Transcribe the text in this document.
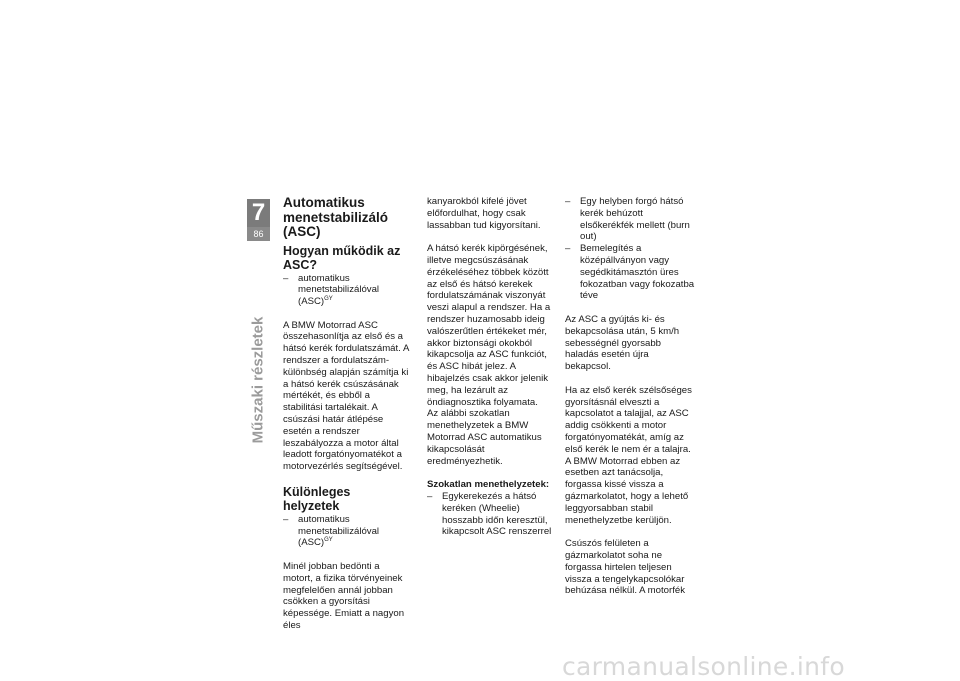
7
86
Műszaki részletek
Automatikus menetstabilizáló (ASC)
Hogyan működik az ASC?
– automatikus menetstabilizálóval (ASC)$^{GY}$

A BMW Motorrad ASC összehasonlítja az első és a hátsó kerék fordulatszámát. A rendszer a fordulatszám-különbség alapján számítja ki a hátsó kerék csúszásának mértékét, és ebből a stabilitási tartalékait. A csúszási határ átlépése esetén a rendszer leszabályozza a motor által leadott forgatónyomatékot a motorvezérlés segítségével.

Különleges helyzetek
– automatikus menetstabilizálóval (ASC)$^{GY}$

Minél jobban bedönti a motort, a fizika törvényeinek megfelelően annál jobban csökken a gyorsítási képessége. Emiatt a nagyon éles

kanyarokból kifelé jövet előfordulhat, hogy csak lassabban tud kigyorsítani.

A hátsó kerék kipörgésének, illetve megcsúszásának érzékeléséhez többek között az első és hátsó kerekek fordulatszámának viszonyát veszi alapul a rendszer. Ha a rendszer huzamosabb ideig valószerűtlen értékeket mér, akkor biztonsági okokból kikapcsolja az ASC funkciót, és ASC hibát jelez. A hibajelzés csak akkor jelenik meg, ha lezárult az öndiagnosztika folyamata.

Az alábbi szokatlan menethelyzetek a BMW Motorrad ASC automatikus kikapcsolását eredményezhetik.

Szokatlan menethelyzetek:
– Egykerekezés a hátsó keréken (Wheelie) hosszabb időn keresztül, kikapcsolt ASC renszerrel
– Egy helyben forgó hátsó kerék behúzott elsőkerékfék mellett (burn out)
– Bemelegítés a középállványon vagy segédkitámasztón üres fokozatban vagy fokozatba téve

Az ASC a gyújtás ki- és bekapcsolása után, 5 km/h sebességnél gyorsabb haladás esetén újra bekapcsol.

Ha az első kerék szélsőséges gyorsításnál elveszti a kapcsolatot a talajjal, az ASC addig csökkenti a motor forgatónyomatékát, amíg az első kerék le nem ér a talajra. A BMW Motorrad ebben az esetben azt tanácsolja, forgassa kissé vissza a gázmarkolatot, hogy a lehető leggyorsabban stabil menethelyzetbe kerüljön.

Csúszós felületen a gázmarkolatot soha ne forgassa hirtelen teljesen vissza a tengelykapcsolókar behúzása nélkül. A motorfék

carmanualsonline.info
